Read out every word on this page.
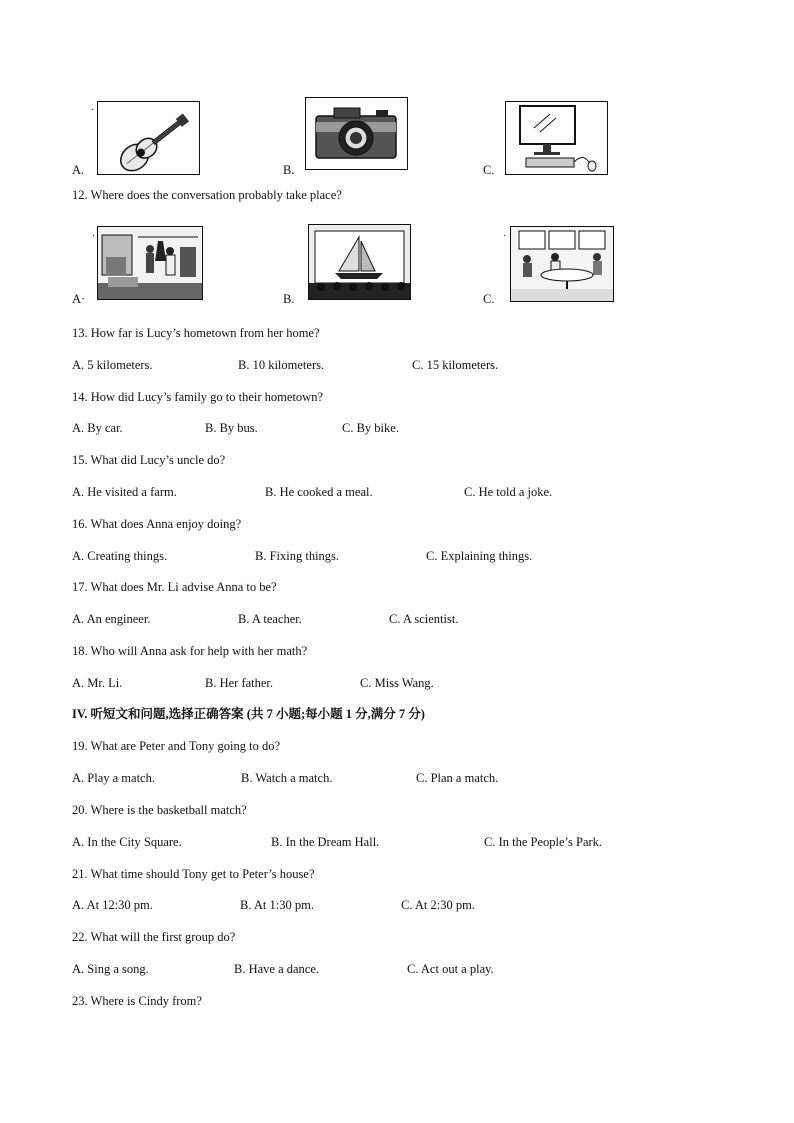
·
A.	B.	C.
12. Where does the conversation probably take place?
·
A·	B.
·
C.
13. How far is Lucy’s hometown from her home?
A. 5 kilometers.	B. 10 kilometers.	C. 15 kilometers.
14. How did Lucy’s family go to their hometown?
A. By car.	B. By bus.	C. By bike.
15. What did Lucy’s uncle do?
A. He visited a farm.	B. He cooked a meal.	C. He told a joke.
16. What does Anna enjoy doing?
A. Creating things.	B. Fixing things.	C. Explaining things.
17. What does Mr. Li advise Anna to be?
A. An engineer.	B. A teacher.	C. A scientist.
18. Who will Anna ask for help with her math?
A. Mr. Li.	B. Her father.	C. Miss Wang.
IV. 听短文和问题,选择正确答案 (共 7 小题;每小题 1 分,满分 7 分)
19. What are Peter and Tony going to do?
A. Play a match.	B. Watch a match.	C. Plan a match.
20. Where is the basketball match?
A. In the City Square.	B. In the Dream Hall.	C. In the People’s Park.
21. What time should Tony get to Peter’s house?
A. At 12:30 pm.	B. At 1:30 pm.	C. At 2:30 pm.
22. What will the first group do?
A. Sing a song.	B. Have a dance.	C. Act out a play.
23. Where is Cindy from?
